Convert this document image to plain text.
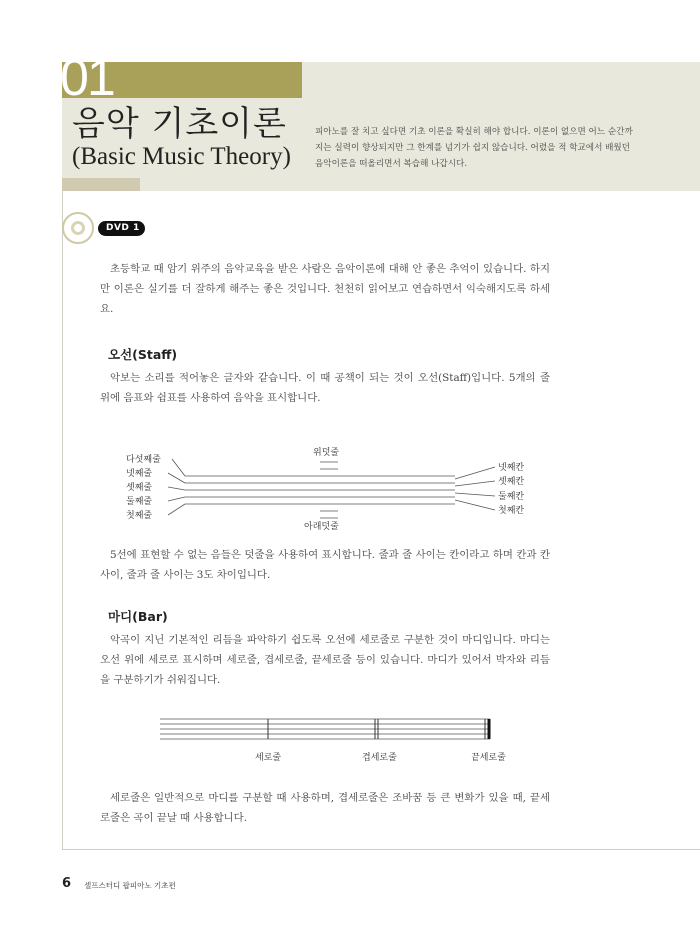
01
음악 기초이론
(Basic Music Theory)
피아노를 잘 치고 싶다면 기초 이론을 확실히 해야 합니다. 이론이 없으면 어느 순간까지는 실력이 향상되지만 그 한계를 넘기가 쉽지 않습니다. 어렸을 적 학교에서 배웠던 음악이론을 떠올리면서 복습해 나갑시다.
DVD 1
초등학교 때 암기 위주의 음악교육을 받은 사람은 음악이론에 대해 안 좋은 추억이 있습니다. 하지만 이론은 실기를 더 잘하게 해주는 좋은 것입니다. 천천히 읽어보고 연습하면서 익숙해지도록 하세요.
오선(Staff)
악보는 소리를 적어놓은 글자와 같습니다. 이 때 공책이 되는 것이 오선(Staff)입니다. 5개의 줄 위에 음표와 쉼표를 사용하여 음악을 표시합니다.
다섯째줄
넷째줄
셋째줄
둘째줄
첫째줄
넷째칸
셋째칸
둘째칸
첫째칸
위덧줄
아래덧줄
5선에 표현할 수 없는 음들은 덧줄을 사용하여 표시합니다. 줄과 줄 사이는 칸이라고 하며 칸과 칸 사이, 줄과 줄 사이는 3도 차이입니다.
마디(Bar)
악곡이 지닌 기본적인 리듬을 파악하기 쉽도록 오선에 세로줄로 구분한 것이 마디입니다. 마디는 오선 위에 세로로 표시하며 세로줄, 겹세로줄, 끝세로줄 등이 있습니다. 마디가 있어서 박자와 리듬을 구분하기가 쉬워집니다.
세로줄	겹세로줄	끝세로줄
세로줄은 일반적으로 마디를 구분할 때 사용하며, 겹세로줄은 조바꿈 등 큰 변화가 있을 때, 끝세로줄은 곡이 끝날 때 사용합니다.
6 셀프스터디 팝피아노 기초편
